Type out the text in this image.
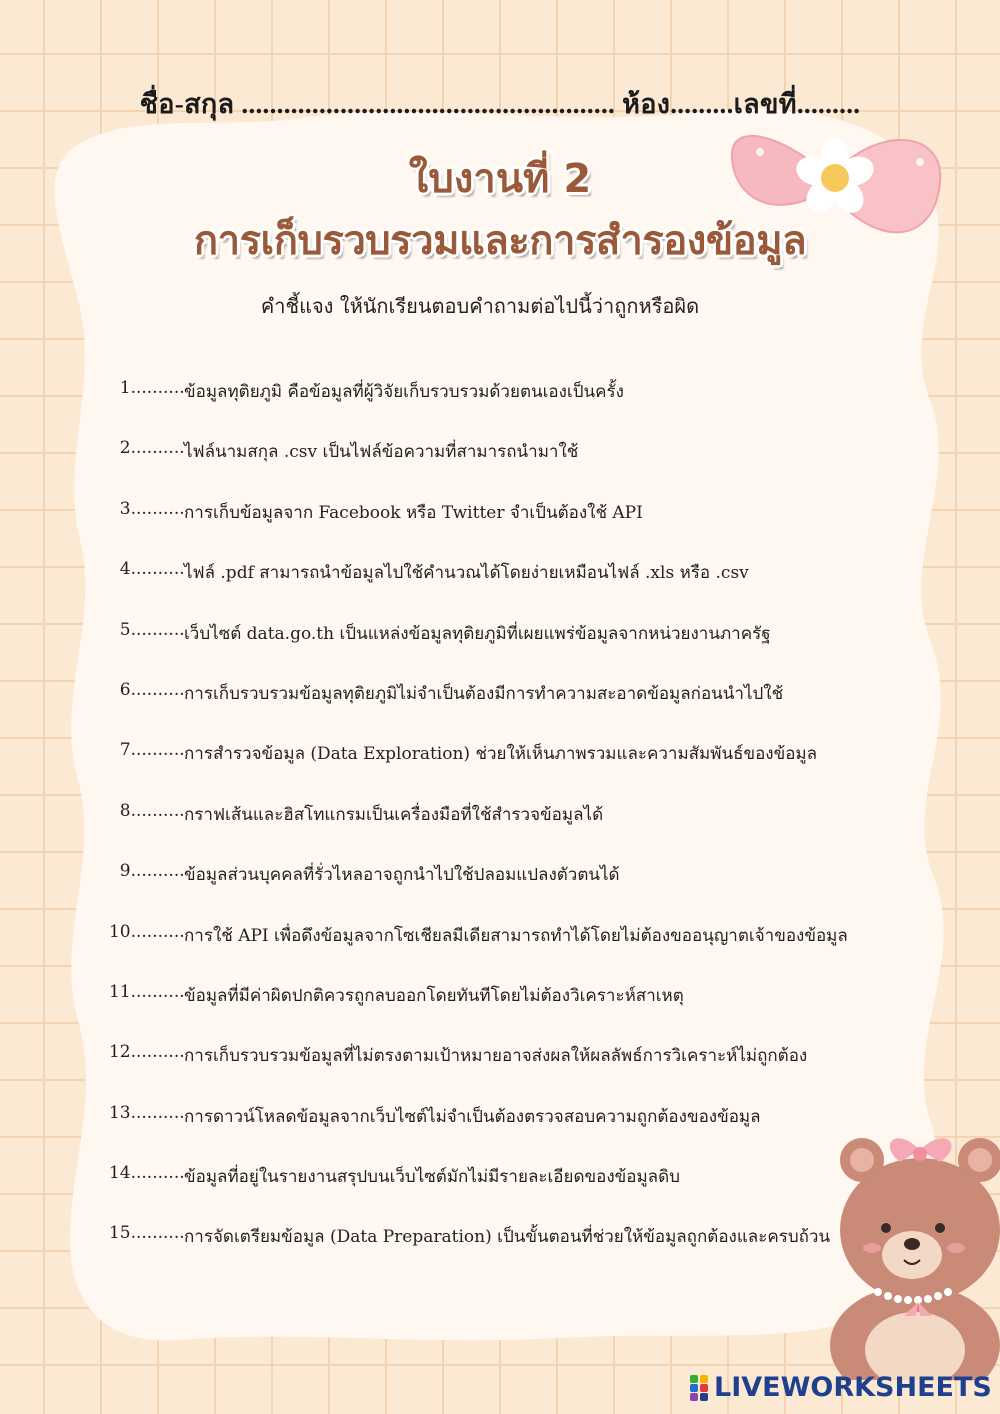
ชื่อ-สกุล ..................................................... ห้อง.........เลขที่.........
ใบงานที่ 2
การเก็บรวบรวมและการสำรองข้อมูล
คำชี้แจง ให้นักเรียนตอบคำถามต่อไปนี้ว่าถูกหรือผิด
1. ......... ข้อมูลทุติยภูมิ คือข้อมูลที่ผู้วิจัยเก็บรวบรวมด้วยตนเองเป็นครั้ง
2. ......... ไฟล์นามสกุล .csv เป็นไฟล์ข้อความที่สามารถนำมาใช้
3. ......... การเก็บข้อมูลจาก Facebook หรือ Twitter จำเป็นต้องใช้ API
4. ......... ไฟล์ .pdf สามารถนำข้อมูลไปใช้คำนวณได้โดยง่ายเหมือนไฟล์ .xls หรือ .csv
5. ......... เว็บไซต์ data.go.th เป็นแหล่งข้อมูลทุติยภูมิที่เผยแพร่ข้อมูลจากหน่วยงานภาครัฐ
6. ......... การเก็บรวบรวมข้อมูลทุติยภูมิไม่จำเป็นต้องมีการทำความสะอาดข้อมูลก่อนนำไปใช้
7. ......... การสำรวจข้อมูล (Data Exploration) ช่วยให้เห็นภาพรวมและความสัมพันธ์ของข้อมูล
8. ......... กราฟเส้นและฮิสโทแกรมเป็นเครื่องมือที่ใช้สำรวจข้อมูลได้
9. ......... ข้อมูลส่วนบุคคลที่รั่วไหลอาจถูกนำไปใช้ปลอมแปลงตัวตนได้
10. ......... การใช้ API เพื่อดึงข้อมูลจากโซเชียลมีเดียสามารถทำได้โดยไม่ต้องขออนุญาตเจ้าของข้อมูล
11. ......... ข้อมูลที่มีค่าผิดปกติควรถูกลบออกโดยทันทีโดยไม่ต้องวิเคราะห์สาเหตุ
12. ......... การเก็บรวบรวมข้อมูลที่ไม่ตรงตามเป้าหมายอาจส่งผลให้ผลลัพธ์การวิเคราะห์ไม่ถูกต้อง
13. ......... การดาวน์โหลดข้อมูลจากเว็บไซต์ไม่จำเป็นต้องตรวจสอบความถูกต้องของข้อมูล
14. ......... ข้อมูลที่อยู่ในรายงานสรุปบนเว็บไซต์มักไม่มีรายละเอียดของข้อมูลดิบ
15. ......... การจัดเตรียมข้อมูล (Data Preparation) เป็นขั้นตอนที่ช่วยให้ข้อมูลถูกต้องและครบถ้วน
LIVEWORKSHEETS
